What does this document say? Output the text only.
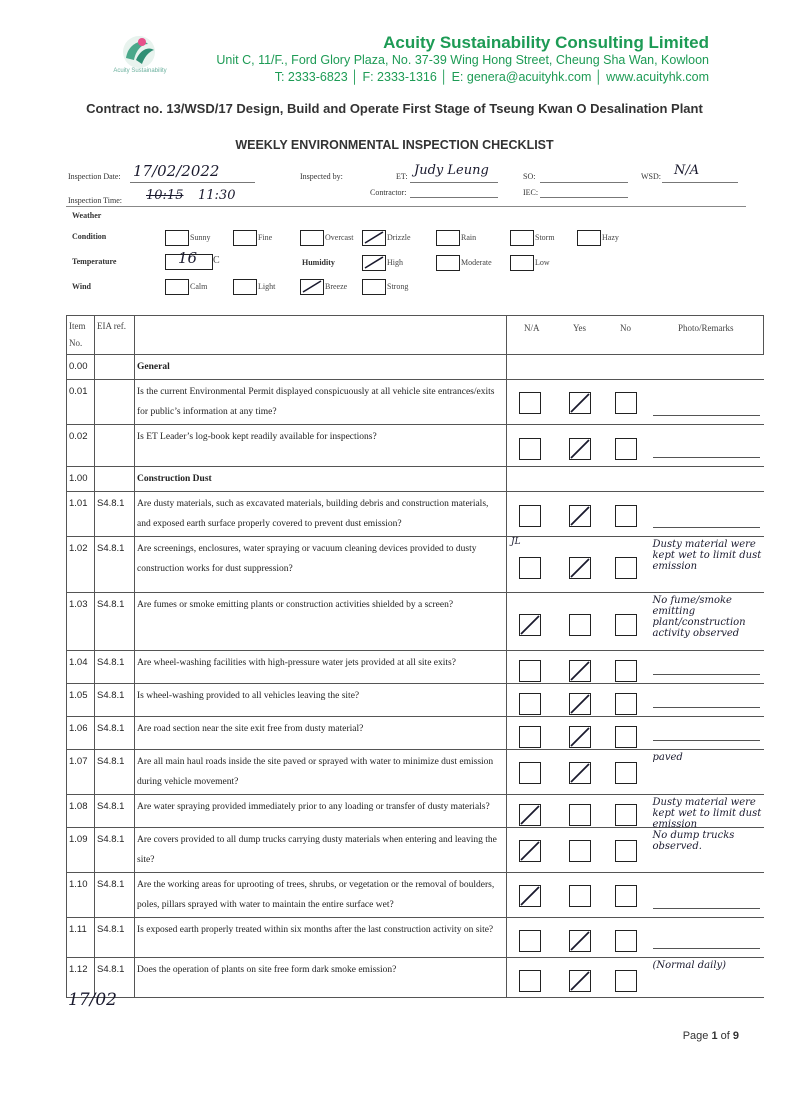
Acuity Sustainability
Acuity Sustainability Consulting Limited
Unit C, 11/F., Ford Glory Plaza, No. 37-39 Wing Hong Street, Cheung Sha Wan, Kowloon
T: 2333-6823 │ F: 2333-1316 │ E: genera@acuityhk.com │ www.acuityhk.com
Contract no. 13/WSD/17 Design, Build and Operate First Stage of Tseung Kwan O Desalination Plant
WEEKLY ENVIRONMENTAL INSPECTION CHECKLIST
Inspection Date: 17/02/2022
Inspection Time: 10:15 11:30
Inspected by:	ET: Judy Leung
Contractor:
SO:
IEC:
WSD: N/A
Weather
Condition
Temperature
Wind
Sunny	Fine	Overcast	Drizzle	Rain	Storm	Hazy
16 C	Humidity	High	Moderate	Low
Calm	Light	Breeze	Strong
Item No.	EIA ref.		N/A	Yes	No	Photo/Remarks
0.00		General				
0.01		Is the current Environmental Permit displayed conspicuously at all vehicle site entrances/exits for public’s information at any time?	

0.02		Is ET Leader’s log-book kept readily available for inspections?	

1.00		Construction Dust				
1.01	S4.8.1	Are dusty materials, such as excavated materials, building debris and construction materials, and exposed earth surface properly covered to prevent dust emission?	

1.02	S4.8.1	Are screenings, enclosures, water spraying or vacuum cleaning devices provided to dusty construction works for dust suppression?	JL			Dusty material were kept wet to limit dust emission

1.03	S4.8.1	Are fumes or smoke emitting plants or construction activities shielded by a screen?				No fume/smoke emitting plant/construction activity observed

1.04	S4.8.1	Are wheel-washing facilities with high-pressure water jets provided at all site exits?	

1.05	S4.8.1	Is wheel-washing provided to all vehicles leaving the site?	

1.06	S4.8.1	Are road section near the site exit free from dusty material?	

1.07	S4.8.1	Are all main haul roads inside the site paved or sprayed with water to minimize dust emission during vehicle movement?				paved

1.08	S4.8.1	Are water spraying provided immediately prior to any loading or transfer of dusty materials?				Dusty material were kept wet to limit dust emission

1.09	S4.8.1	Are covers provided to all dump trucks carrying dusty materials when entering and leaving the site?				No dump trucks observed.

1.10	S4.8.1	Are the working areas for uprooting of trees, shrubs, or vegetation or the removal of boulders, poles, pillars sprayed with water to maintain the entire surface wet?	

1.11	S4.8.1	Is exposed earth properly treated within six months after the last construction activity on site?	

1.12	S4.8.1	Does the operation of plants on site free form dark smoke emission?				(Normal daily)
17/02
Page 1 of 9
